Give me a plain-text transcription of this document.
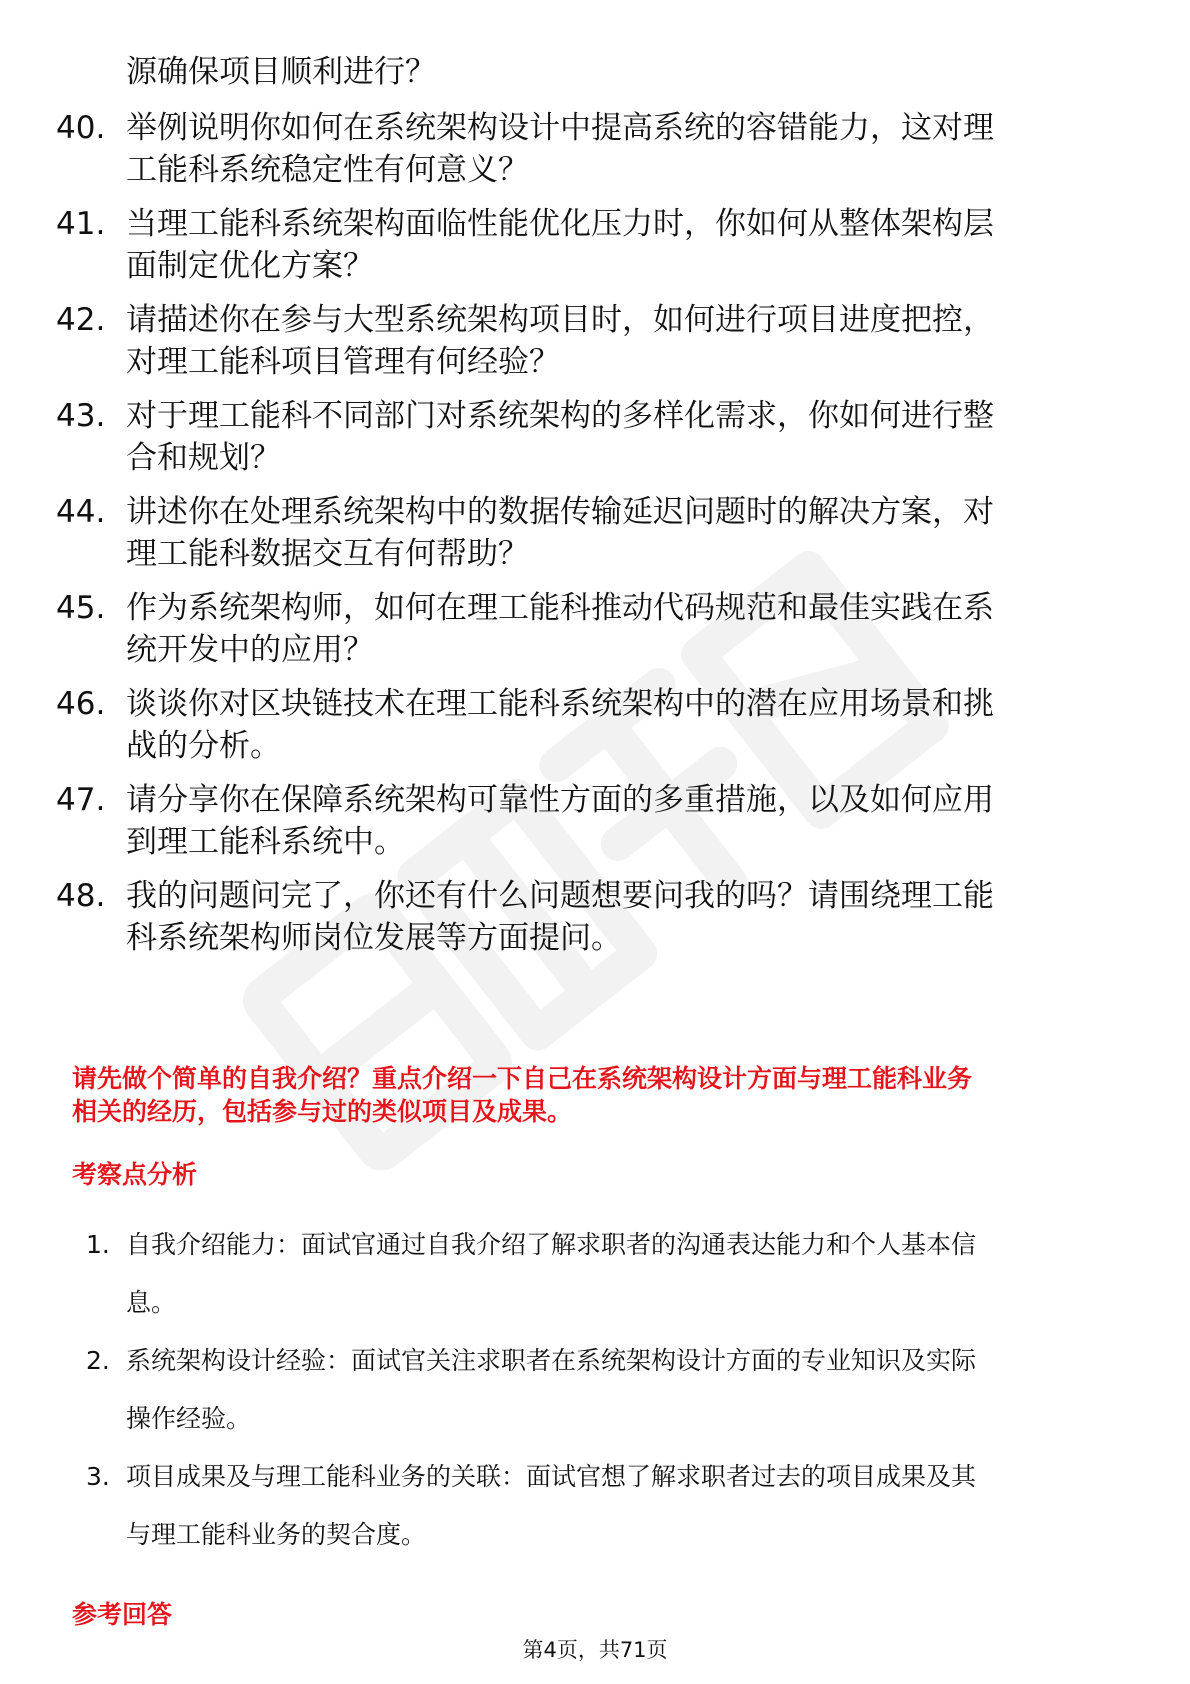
源确保项目顺利进行？
40. 举例说明你如何在系统架构设计中提高系统的容错能力，这对理
工能科系统稳定性有何意义？
41. 当理工能科系统架构面临性能优化压力时，你如何从整体架构层
面制定优化方案？
42. 请描述你在参与大型系统架构项目时，如何进行项目进度把控，
对理工能科项目管理有何经验？
43. 对于理工能科不同部门对系统架构的多样化需求，你如何进行整
合和规划？
44. 讲述你在处理系统架构中的数据传输延迟问题时的解决方案，对
理工能科数据交互有何帮助？
45. 作为系统架构师，如何在理工能科推动代码规范和最佳实践在系
统开发中的应用？
46. 谈谈你对区块链技术在理工能科系统架构中的潜在应用场景和挑
战的分析。
47. 请分享你在保障系统架构可靠性方面的多重措施，以及如何应用
到理工能科系统中。
48. 我的问题问完了，你还有什么问题想要问我的吗？请围绕理工能
科系统架构师岗位发展等方面提问。
请先做个简单的自我介绍？重点介绍一下自己在系统架构设计方面与理工能科业务
相关的经历，包括参与过的类似项目及成果。
考察点分析
1. 自我介绍能力：面试官通过自我介绍了解求职者的沟通表达能力和个人基本信
息。
2. 系统架构设计经验：面试官关注求职者在系统架构设计方面的专业知识及实际
操作经验。
3. 项目成果及与理工能科业务的关联：面试官想了解求职者过去的项目成果及其
与理工能科业务的契合度。
参考回答
第4页，共71页
